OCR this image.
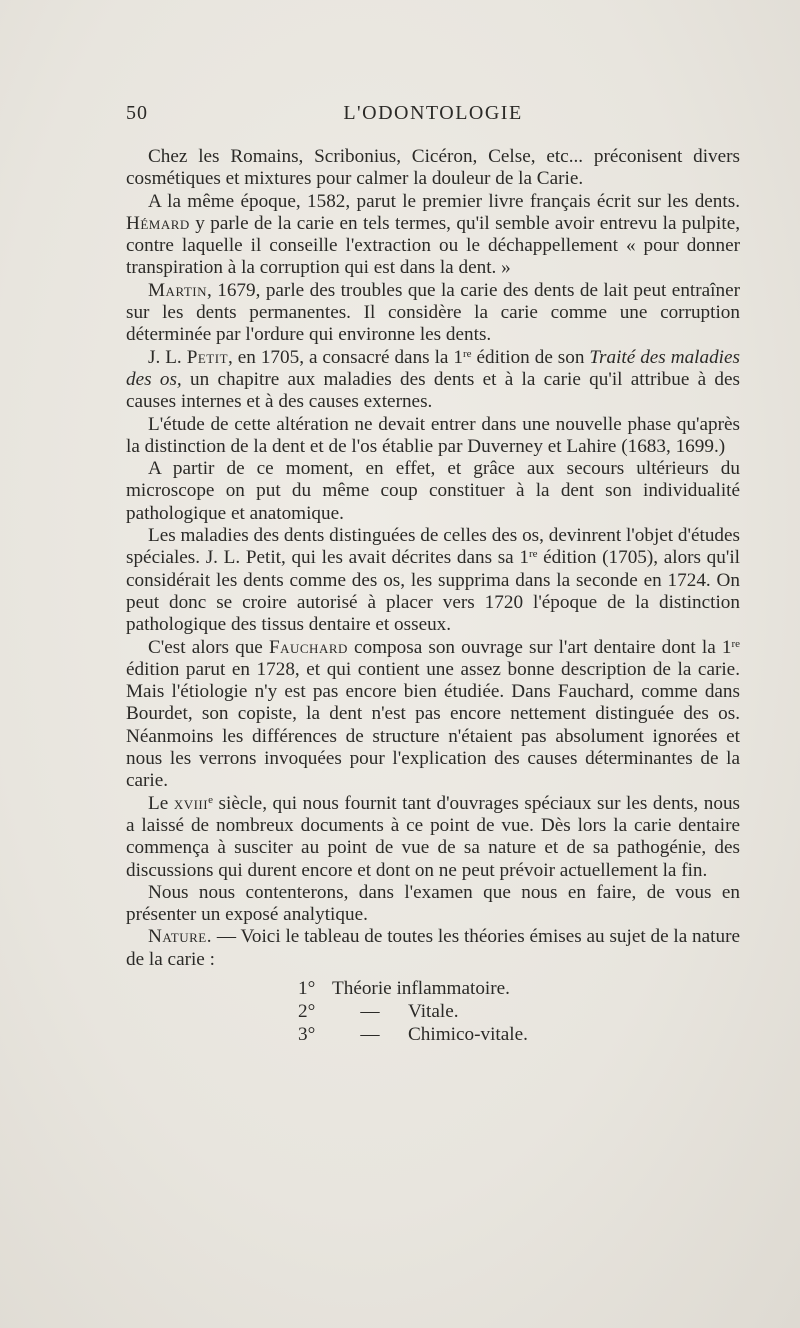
50	L'ODONTOLOGIE

Chez les Romains, Scribonius, Cicéron, Celse, etc... préconisent divers cosmétiques et mixtures pour calmer la douleur de la Carie.

A la même époque, 1582, parut le premier livre français écrit sur les dents. Hémard y parle de la carie en tels termes, qu'il semble avoir entrevu la pulpite, contre laquelle il conseille l'extraction ou le déchappellement « pour donner transpiration à la corruption qui est dans la dent. »

Martin, 1679, parle des troubles que la carie des dents de lait peut entraîner sur les dents permanentes. Il considère la carie comme une corruption déterminée par l'ordure qui environne les dents.

J. L. Petit, en 1705, a consacré dans la 1re édition de son Traité des maladies des os, un chapitre aux maladies des dents et à la carie qu'il attribue à des causes internes et à des causes externes.

L'étude de cette altération ne devait entrer dans une nouvelle phase qu'après la distinction de la dent et de l'os établie par Duverney et Lahire (1683, 1699.)

A partir de ce moment, en effet, et grâce aux secours ultérieurs du microscope on put du même coup constituer à la dent son individualité pathologique et anatomique.

Les maladies des dents distinguées de celles des os, devinrent l'objet d'études spéciales. J. L. Petit, qui les avait décrites dans sa 1re édition (1705), alors qu'il considérait les dents comme des os, les supprima dans la seconde en 1724. On peut donc se croire autorisé à placer vers 1720 l'époque de la distinction pathologique des tissus dentaire et osseux.

C'est alors que Fauchard composa son ouvrage sur l'art dentaire dont la 1re édition parut en 1728, et qui contient une assez bonne description de la carie. Mais l'étiologie n'y est pas encore bien étudiée. Dans Fauchard, comme dans Bourdet, son copiste, la dent n'est pas encore nettement distinguée des os. Néanmoins les différences de structure n'étaient pas absolument ignorées et nous les verrons invoquées pour l'explication des causes déterminantes de la carie.

Le xviii$^e$ siècle, qui nous fournit tant d'ouvrages spéciaux sur les dents, nous a laissé de nombreux documents à ce point de vue. Dès lors la carie dentaire commença à susciter au point de vue de sa nature et de sa pathogénie, des discussions qui durent encore et dont on ne peut prévoir actuellement la fin.

Nous nous contenterons, dans l'examen que nous en faire, de vous en présenter un exposé analytique.

Nature. — Voici le tableau de toutes les théories émises au sujet de la nature de la carie :

1° Théorie inflammatoire.
2°	—	Vitale.
3°	—	Chimico-vitale.
